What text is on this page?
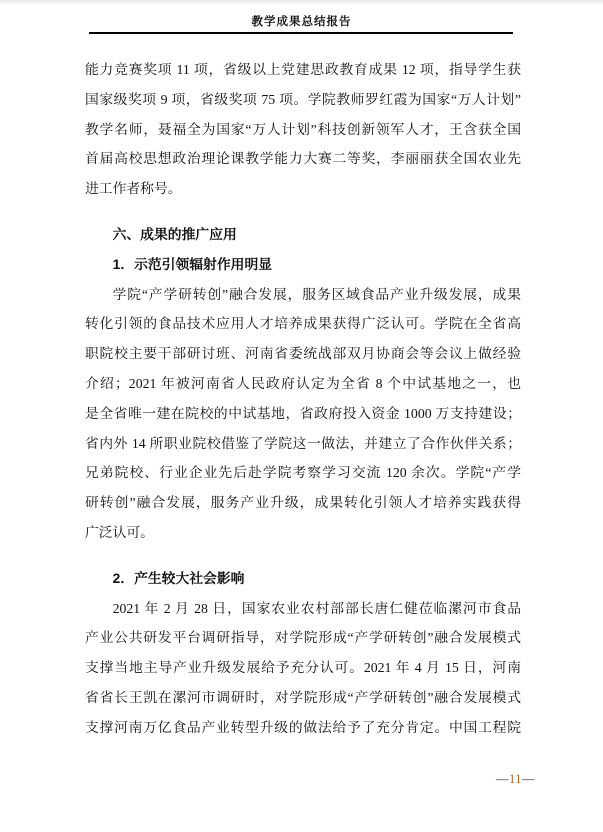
教学成果总结报告
能力竞赛奖项 11 项，省级以上党建思政教育成果 12 项，指导学生获
国家级奖项 9 项，省级奖项 75 项。学院教师罗红霞为国家“万人计划”
教学名师，聂福全为国家“万人计划”科技创新领军人才，王含获全国
首届高校思想政治理论课教学能力大赛二等奖，李丽丽获全国农业先
进工作者称号。
六、成果的推广应用
1．示范引领辐射作用明显
学院“产学研转创”融合发展，服务区域食品产业升级发展，成果
转化引领的食品技术应用人才培养成果获得广泛认可。学院在全省高
职院校主要干部研讨班、河南省委统战部双月协商会等会议上做经验
介绍；2021 年被河南省人民政府认定为全省 8 个中试基地之一，也
是全省唯一建在院校的中试基地，省政府投入资金 1000 万支持建设；
省内外 14 所职业院校借鉴了学院这一做法，并建立了合作伙伴关系；
兄弟院校、行业企业先后赴学院考察学习交流 120 余次。学院“产学
研转创”融合发展，服务产业升级，成果转化引领人才培养实践获得
广泛认可。
2．产生较大社会影响
2021 年 2 月 28 日，国家农业农村部部长唐仁健莅临漯河市食品
产业公共研发平台调研指导，对学院形成“产学研转创”融合发展模式
支撑当地主导产业升级发展给予充分认可。2021 年 4 月 15 日，河南
省省长王凯在漯河市调研时，对学院形成“产学研转创”融合发展模式
支撑河南万亿食品产业转型升级的做法给予了充分肯定。中国工程院
—11—
